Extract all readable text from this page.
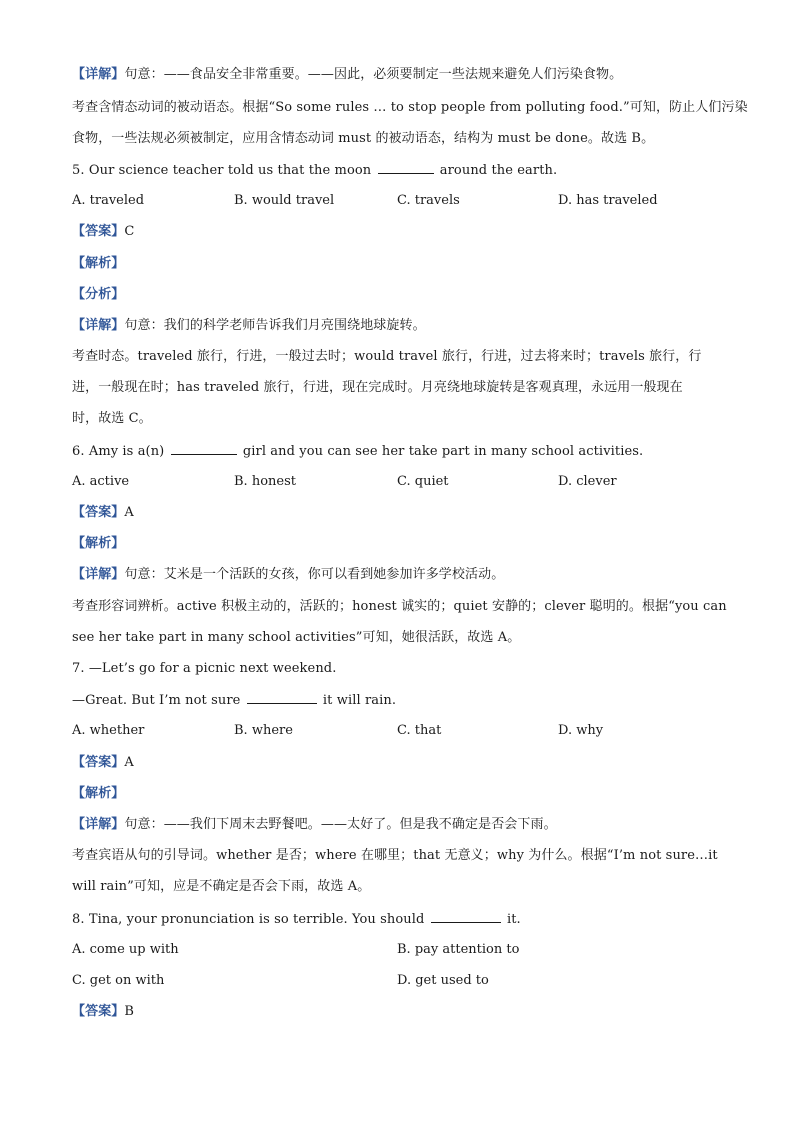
【详解】句意：——食品安全非常重要。——因此，必须要制定一些法规来避免人们污染食物。
考查含情态动词的被动语态。根据“So some rules … to stop people from polluting food.”可知，防止人们污染
食物，一些法规必须被制定，应用含情态动词 must 的被动语态，结构为 must be done。故选 B。
5. Our science teacher told us that the moon	around the earth.
A. traveled	B. would travel	C. travels	D. has traveled
【答案】C
【解析】
【分析】
【详解】句意：我们的科学老师告诉我们月亮围绕地球旋转。
考查时态。traveled 旅行，行进，一般过去时；would travel 旅行，行进，过去将来时；travels 旅行，行
进，一般现在时；has traveled 旅行，行进，现在完成时。月亮绕地球旋转是客观真理，永远用一般现在
时，故选 C。
6. Amy is a(n)	girl and you can see her take part in many school activities.
A. active	B. honest	C. quiet	D. clever
【答案】A
【解析】
【详解】句意：艾米是一个活跃的女孩，你可以看到她参加许多学校活动。
考查形容词辨析。active 积极主动的，活跃的；honest 诚实的；quiet 安静的；clever 聪明的。根据“you can
see her take part in many school activities”可知，她很活跃，故选 A。
7. —Let’s go for a picnic next weekend.
—Great. But I’m not sure	it will rain.
A. whether	B. where	C. that	D. why
【答案】A
【解析】
【详解】句意：——我们下周末去野餐吧。——太好了。但是我不确定是否会下雨。
考查宾语从句的引导词。whether 是否；where 在哪里；that 无意义；why 为什么。根据“I’m not sure…it
will rain”可知，应是不确定是否会下雨，故选 A。
8. Tina, your pronunciation is so terrible. You should	it.
A. come up with	B. pay attention to
C. get on with	D. get used to
【答案】B
